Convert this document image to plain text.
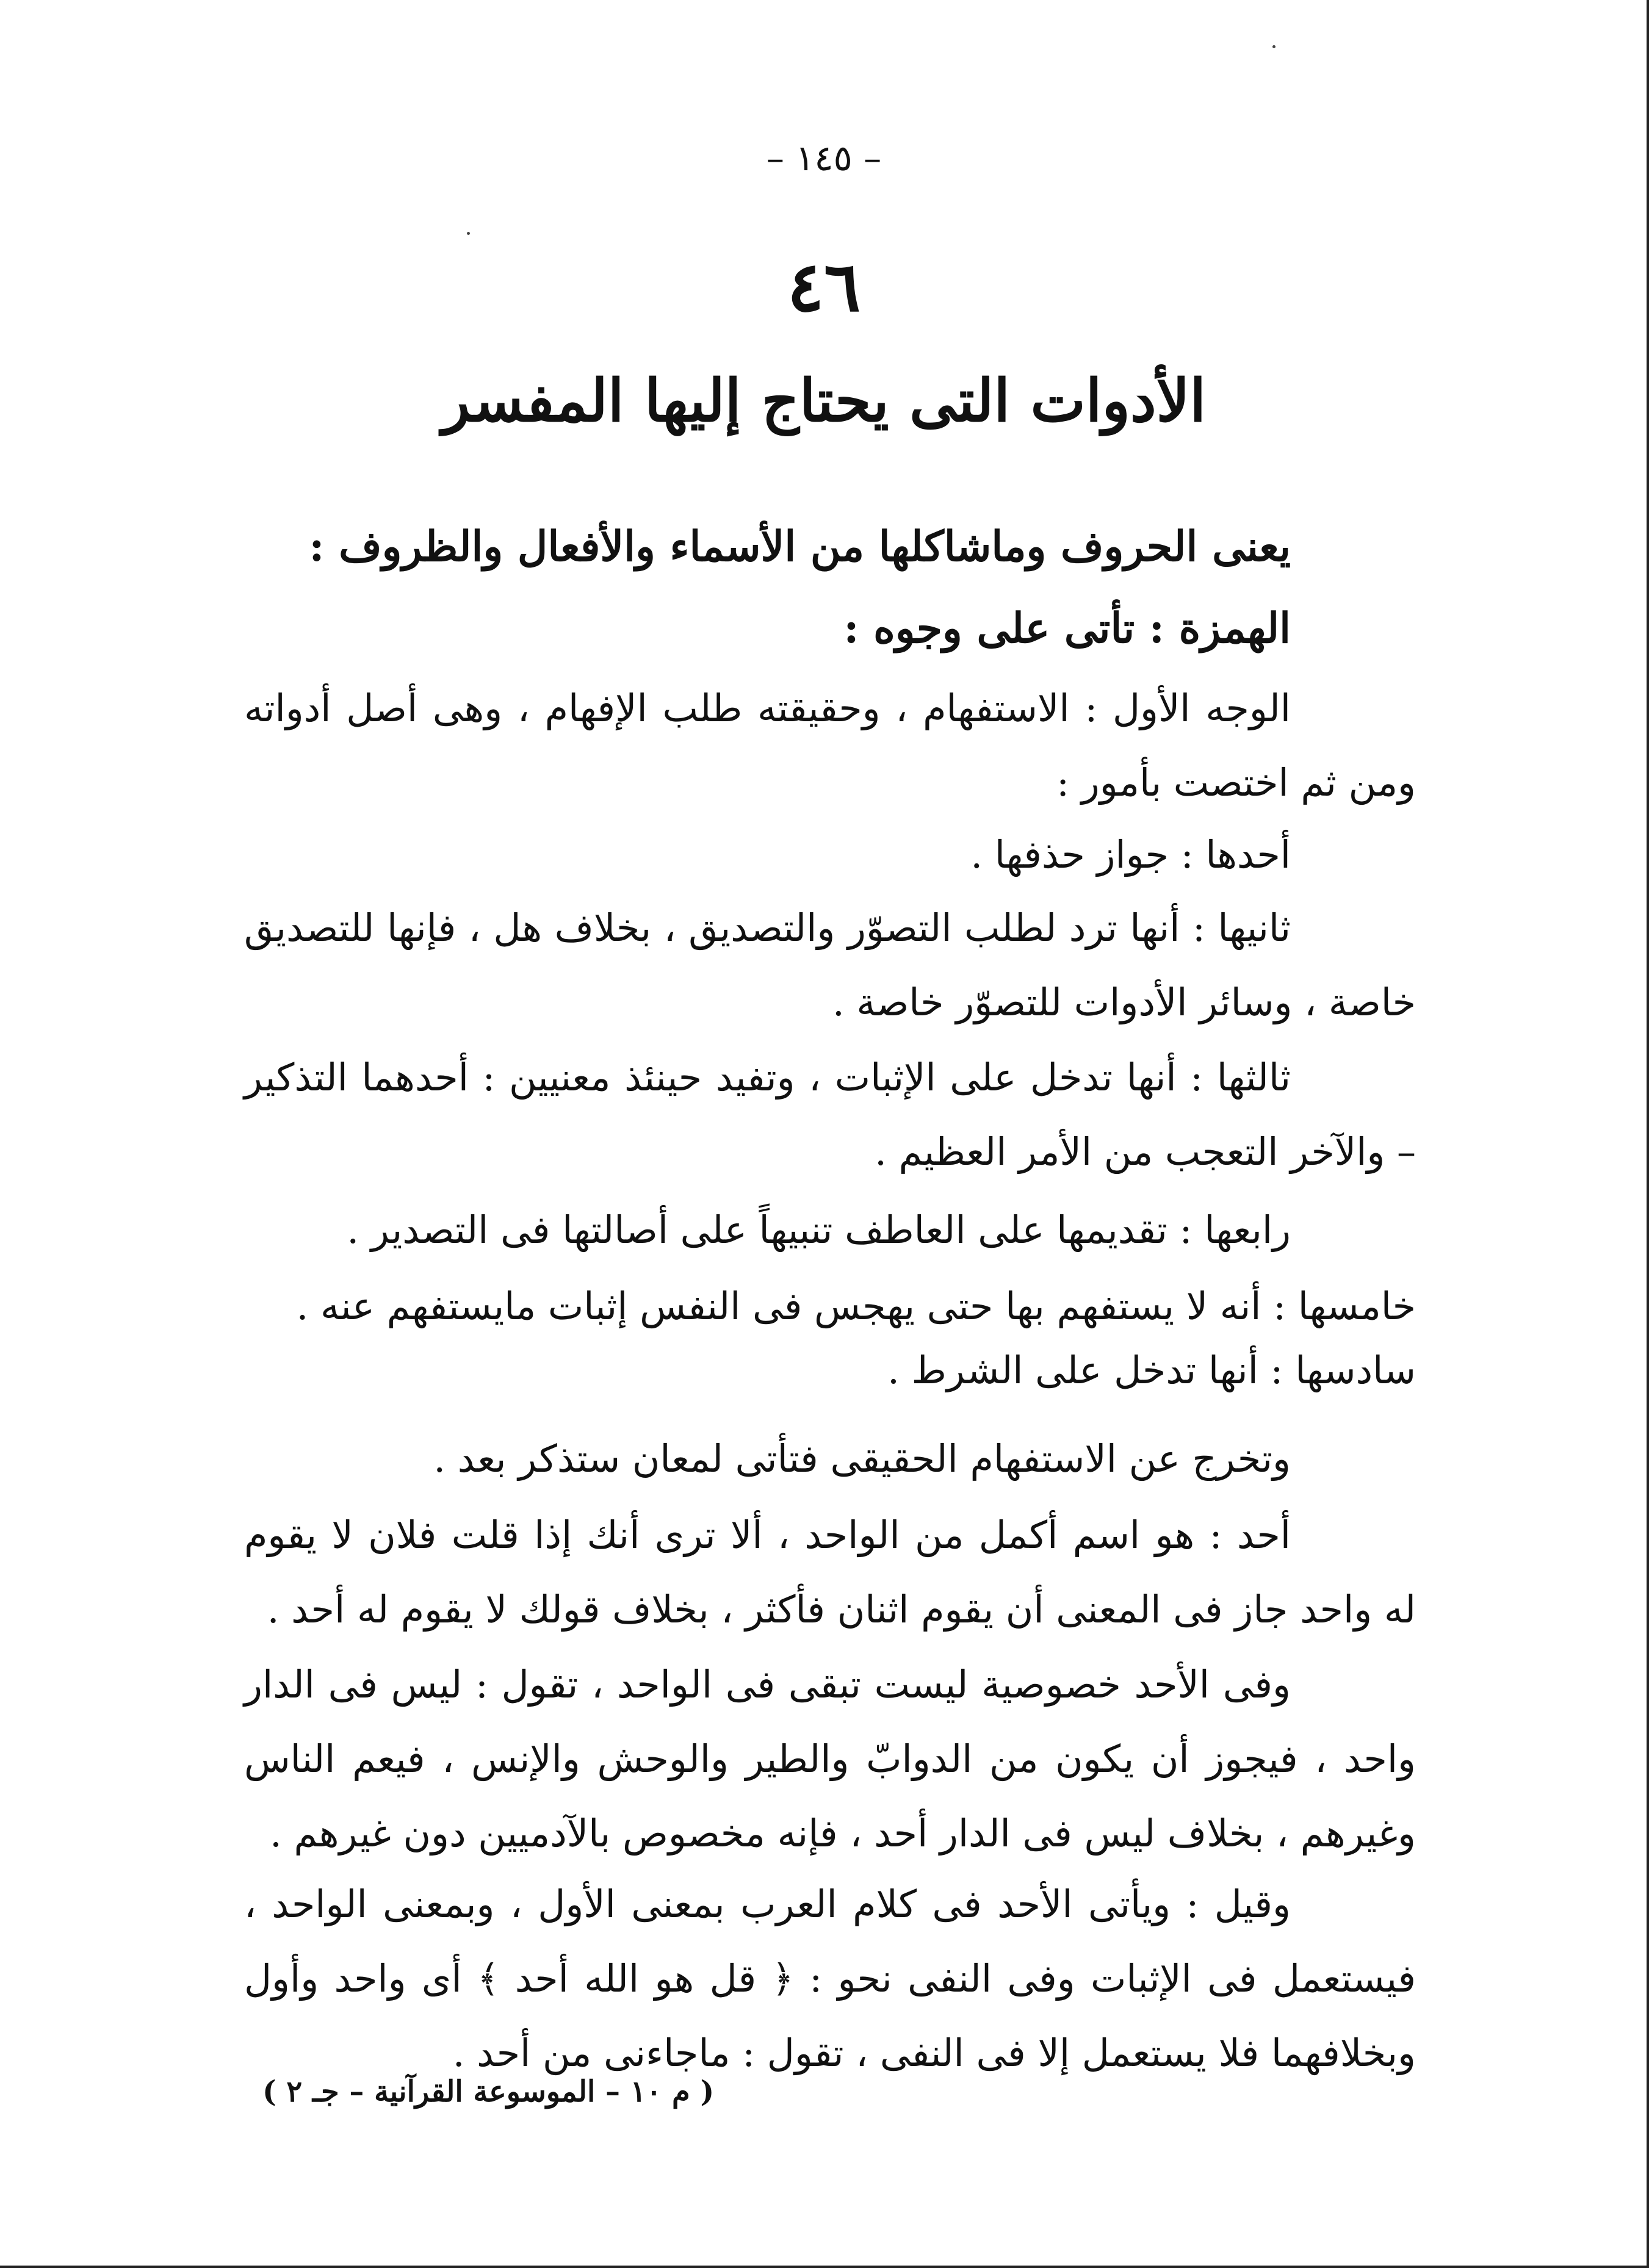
– ١٤٥ –
٤٦
الأدوات التى يحتاج إليها المفسر
يعنى الحروف وماشاكلها من الأسماء والأفعال والظروف :
الهمزة : تأتى على وجوه :
الوجه الأول : الاستفهام ، وحقيقته طلب الإفهام ، وهى أصل أدواته ومن ثم اختصت بأمور :
أحدها : جواز حذفها .
ثانيها : أنها ترد لطلب التصوّر والتصديق ، بخلاف هل ، فإنها للتصديق خاصة ، وسائر الأدوات للتصوّر خاصة .
ثالثها : أنها تدخل على الإثبات ، وتفيد حينئذ معنيين : أحدهما التذكير – والآخر التعجب من الأمر العظيم .
رابعها : تقديمها على العاطف تنبيهاً على أصالتها فى التصدير .
خامسها : أنه لا يستفهم بها حتى يهجس فى النفس إثبات مايستفهم عنه .
سادسها : أنها تدخل على الشرط .
وتخرج عن الاستفهام الحقيقى فتأتى لمعان ستذكر بعد .
أحد : هو اسم أكمل من الواحد ، ألا ترى أنك إذا قلت فلان لا يقوم له واحد جاز فى المعنى أن يقوم اثنان فأكثر ، بخلاف قولك لا يقوم له أحد .
وفى الأحد خصوصية ليست تبقى فى الواحد ، تقول : ليس فى الدار واحد ، فيجوز أن يكون من الدوابّ والطير والوحش والإنس ، فيعم الناس وغيرهم ، بخلاف ليس فى الدار أحد ، فإنه مخصوص بالآدميين دون غيرهم .
وقيل : ويأتى الأحد فى كلام العرب بمعنى الأول ، وبمعنى الواحد ، فيستعمل فى الإثبات وفى النفى نحو : ﴿ قل هو الله أحد ﴾ أى واحد وأول وبخلافهما فلا يستعمل إلا فى النفى ، تقول : ماجاءنى من أحد .
( م ١٠ – الموسوعة القرآنية – جـ ٢ )
